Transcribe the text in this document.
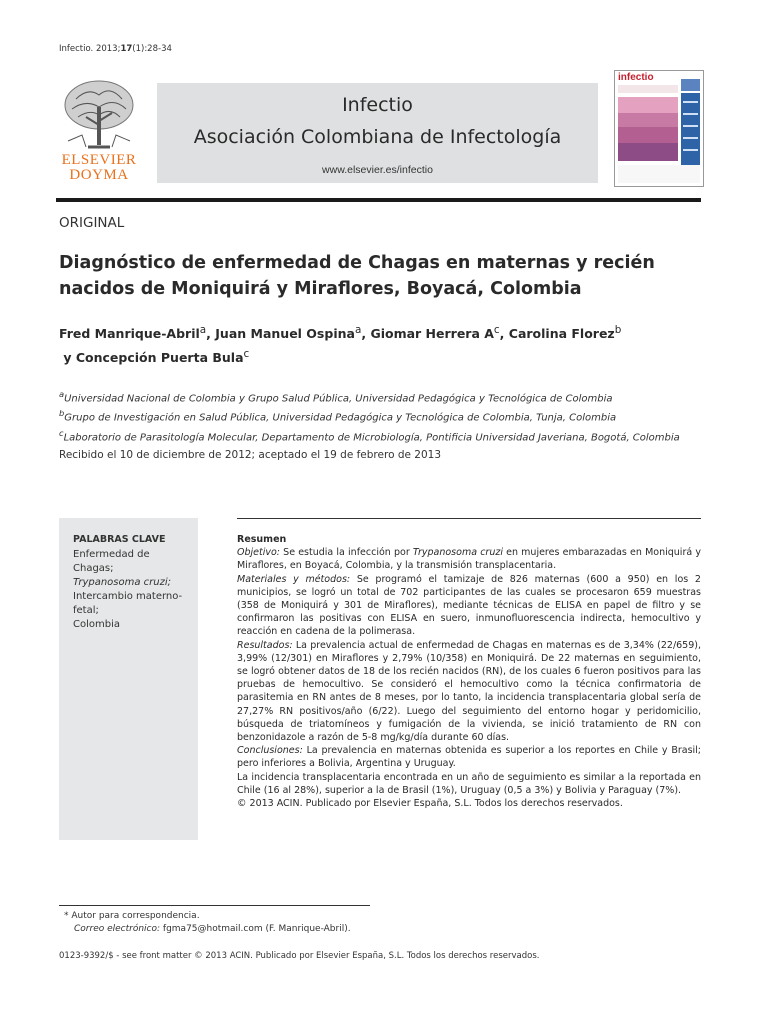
Infectio. 2013;17(1):28-34
ELSEVIER
DOYMA
Infectio
Asociación Colombiana de Infectología
www.elsevier.es/infectio
infectio
ORIGINAL
Diagnóstico de enfermedad de Chagas en maternas y recién nacidos de Moniquirá y Miraflores, Boyacá, Colombia
Fred Manrique-Abril$^a$, Juan Manuel Ospina$^a$, Giomar Herrera $A^c$, Carolina Florez$^b$ y Concepción Puerta Bula$^c$
$^a$Universidad Nacional de Colombia y Grupo Salud Pública, Universidad Pedagógica y Tecnológica de Colombia
$^b$Grupo de Investigación en Salud Pública, Universidad Pedagógica y Tecnológica de Colombia, Tunja, Colombia
$^c$Laboratorio de Parasitología Molecular, Departamento de Microbiología, Pontificia Universidad Javeriana, Bogotá, Colombia
Recibido el 10 de diciembre de 2012; aceptado el 19 de febrero de 2013
PALABRAS CLAVE
Enfermedad de Chagas;
Trypanosoma cruzi;
Intercambio materno-fetal;
Colombia

Resumen

Objetivo: Se estudia la infección por Trypanosoma cruzi en mujeres embarazadas en Moniquirá y Miraflores, en Boyacá, Colombia, y la transmisión transplacentaria.

Materiales y métodos: Se programó el tamizaje de 826 maternas (600 a 950) en los 2 municipios, se logró un total de 702 participantes de las cuales se procesaron 659 muestras (358 de Moniquirá y 301 de Miraflores), mediante técnicas de ELISA en papel de filtro y se confirmaron las positivas con ELISA en suero, inmunofluorescencia indirecta, hemocultivo y reacción en cadena de la polimerasa.

Resultados: La prevalencia actual de enfermedad de Chagas en maternas es de 3,34% (22/659), 3,99% (12/301) en Miraflores y 2,79% (10/358) en Moniquirá. De 22 maternas en seguimiento, se logró obtener datos de 18 de los recién nacidos (RN), de los cuales 6 fueron positivos para las pruebas de hemocultivo. Se consideró el hemocultivo como la técnica confirmatoria de parasitemia en RN antes de 8 meses, por lo tanto, la incidencia transplacentaria global sería de 27,27% RN positivos/año (6/22). Luego del seguimiento del entorno hogar y peridomicilio, búsqueda de triatomíneos y fumigación de la vivienda, se inició tratamiento de RN con benzonidazole a razón de 5-8 mg/kg/día durante 60 días.

Conclusiones: La prevalencia en maternas obtenida es superior a los reportes en Chile y Brasil; pero inferiores a Bolivia, Argentina y Uruguay.

La incidencia transplacentaria encontrada en un año de seguimiento es similar a la reportada en Chile (16 al 28%), superior a la de Brasil (1%), Uruguay (0,5 a 3%) y Bolivia y Paraguay (7%).

© 2013 ACIN. Publicado por Elsevier España, S.L. Todos los derechos reservados.

* Autor para correspondencia.
Correo electrónico: fgma75@hotmail.com (F. Manrique-Abril).
0123-9392/$ - see front matter © 2013 ACIN. Publicado por Elsevier España, S.L. Todos los derechos reservados.
